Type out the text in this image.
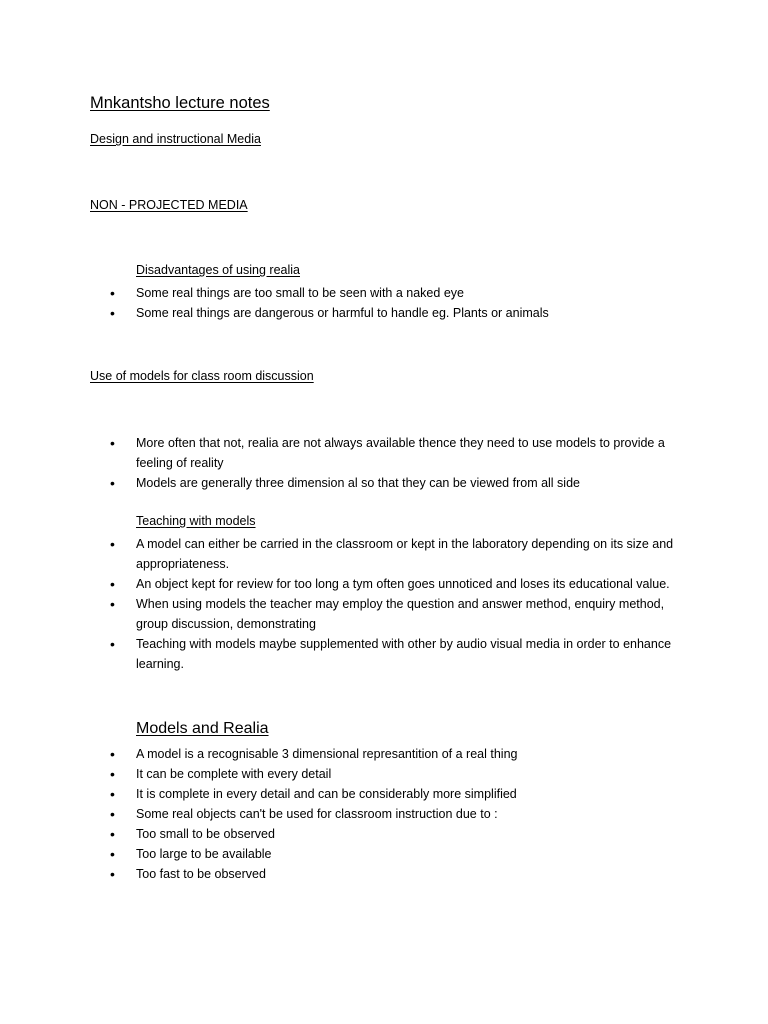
Mnkantsho lecture notes
Design and instructional Media
NON - PROJECTED MEDIA
Disadvantages of using realia
• Some real things are too small to be seen with a naked eye
• Some real things are dangerous or harmful to handle eg. Plants or animals
Use of models for class room discussion
• More often that not, realia are not always available thence they need to use models to provide a feeling of reality
• Models are generally three dimension al so that they can be viewed from all side
Teaching with models
• A model can either be carried in the classroom or kept in the laboratory depending on its size and appropriateness.
• An object kept for review for too long a tym often goes unnoticed and loses its educational value.
• When using models the teacher may employ the question and answer method, enquiry method, group discussion, demonstrating
• Teaching with models maybe supplemented with other by audio visual media in order to enhance learning.
Models and Realia
• A model is a recognisable 3 dimensional represantition of a real thing
• It can be complete with every detail
• It is complete in every detail and can be considerably more simplified
• Some real objects can't be used for classroom instruction due to :
• Too small to be observed
• Too large to be available
• Too fast to be observed
